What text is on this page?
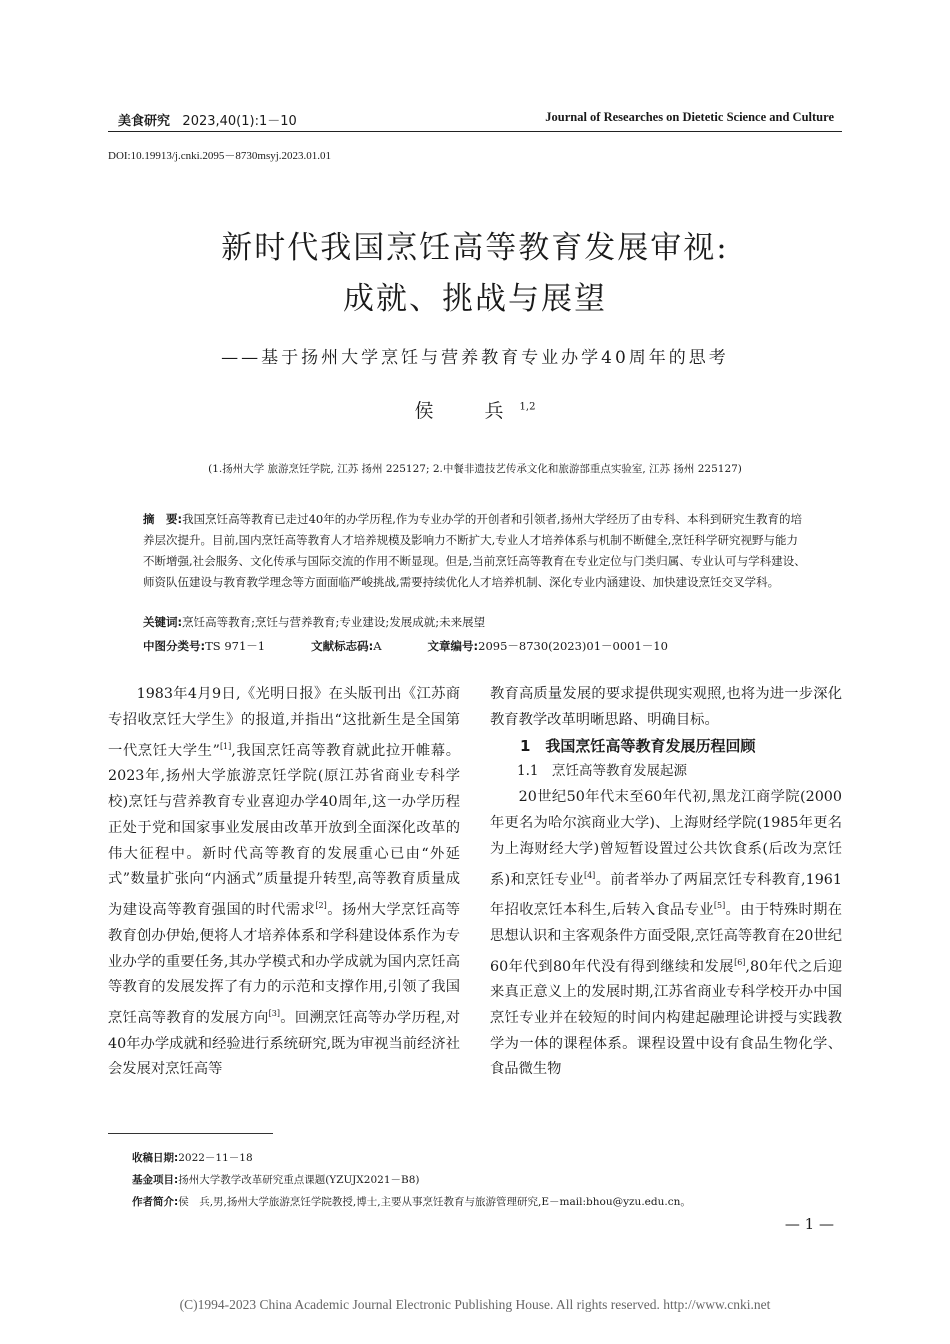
美食研究 2023,40(1):1－10	Journal of Researches on Dietetic Science and Culture
DOI:10.19913/j.cnki.2095－8730msyj.2023.01.01
新时代我国烹饪高等教育发展审视:
成就、挑战与展望
——基于扬州大学烹饪与营养教育专业办学40周年的思考
侯　兵$^{1,2}$
(1.扬州大学 旅游烹饪学院, 江苏 扬州 225127; 2.中餐非遗技艺传承文化和旅游部重点实验室, 江苏 扬州 225127)
摘　要:我国烹饪高等教育已走过40年的办学历程,作为专业办学的开创者和引领者,扬州大学经历了由专科、本科到研究生教育的培养层次提升。目前,国内烹饪高等教育人才培养规模及影响力不断扩大,专业人才培养体系与机制不断健全,烹饪科学研究视野与能力不断增强,社会服务、文化传承与国际交流的作用不断显现。但是,当前烹饪高等教育在专业定位与门类归属、专业认可与学科建设、师资队伍建设与教育教学理念等方面面临严峻挑战,需要持续优化人才培养机制、深化专业内涵建设、加快建设烹饪交叉学科。
关键词:烹饪高等教育;烹饪与营养教育;专业建设;发展成就;未来展望
中图分类号:TS 971－1	文献标志码:A	文章编号:2095－8730(2023)01－0001－10

1983年4月9日,《光明日报》在头版刊出《江苏商专招收烹饪大学生》的报道,并指出“这批新生是全国第一代烹饪大学生”[1],我国烹饪高等教育就此拉开帷幕。2023年,扬州大学旅游烹饪学院(原江苏省商业专科学校)烹饪与营养教育专业喜迎办学40周年,这一办学历程正处于党和国家事业发展由改革开放到全面深化改革的伟大征程中。新时代高等教育的发展重心已由“外延式”数量扩张向“内涵式”质量提升转型,高等教育质量成为建设高等教育强国的时代需求[2]。扬州大学烹饪高等教育创办伊始,便将人才培养体系和学科建设体系作为专业办学的重要任务,其办学模式和办学成就为国内烹饪高等教育的发展发挥了有力的示范和支撑作用,引领了我国烹饪高等教育的发展方向[3]。回溯烹饪高等办学历程,对40年办学成就和经验进行系统研究,既为审视当前经济社会发展对烹饪高等

教育高质量发展的要求提供现实观照,也将为进一步深化教育教学改革明晰思路、明确目标。

1　我国烹饪高等教育发展历程回顾

1.1　烹饪高等教育发展起源

20世纪50年代末至60年代初,黑龙江商学院(2000年更名为哈尔滨商业大学)、上海财经学院(1985年更名为上海财经大学)曾短暂设置过公共饮食系(后改为烹饪系)和烹饪专业[4]。前者举办了两届烹饪专科教育,1961年招收烹饪本科生,后转入食品专业[5]。由于特殊时期在思想认识和主客观条件方面受限,烹饪高等教育在20世纪60年代到80年代没有得到继续和发展[6],80年代之后迎来真正意义上的发展时期,江苏省商业专科学校开办中国烹饪专业并在较短的时间内构建起融理论讲授与实践教学为一体的课程体系。课程设置中设有食品生物化学、食品微生物

收稿日期:2022－11－18
基金项目:扬州大学教学改革研究重点课题(YZUJX2021－B8)
作者简介:侯　兵,男,扬州大学旅游烹饪学院教授,博士,主要从事烹饪教育与旅游管理研究,E－mail:bhou@yzu.edu.cn。
— 1 —
(C)1994-2023 China Academic Journal Electronic Publishing House. All rights reserved. http://www.cnki.net
